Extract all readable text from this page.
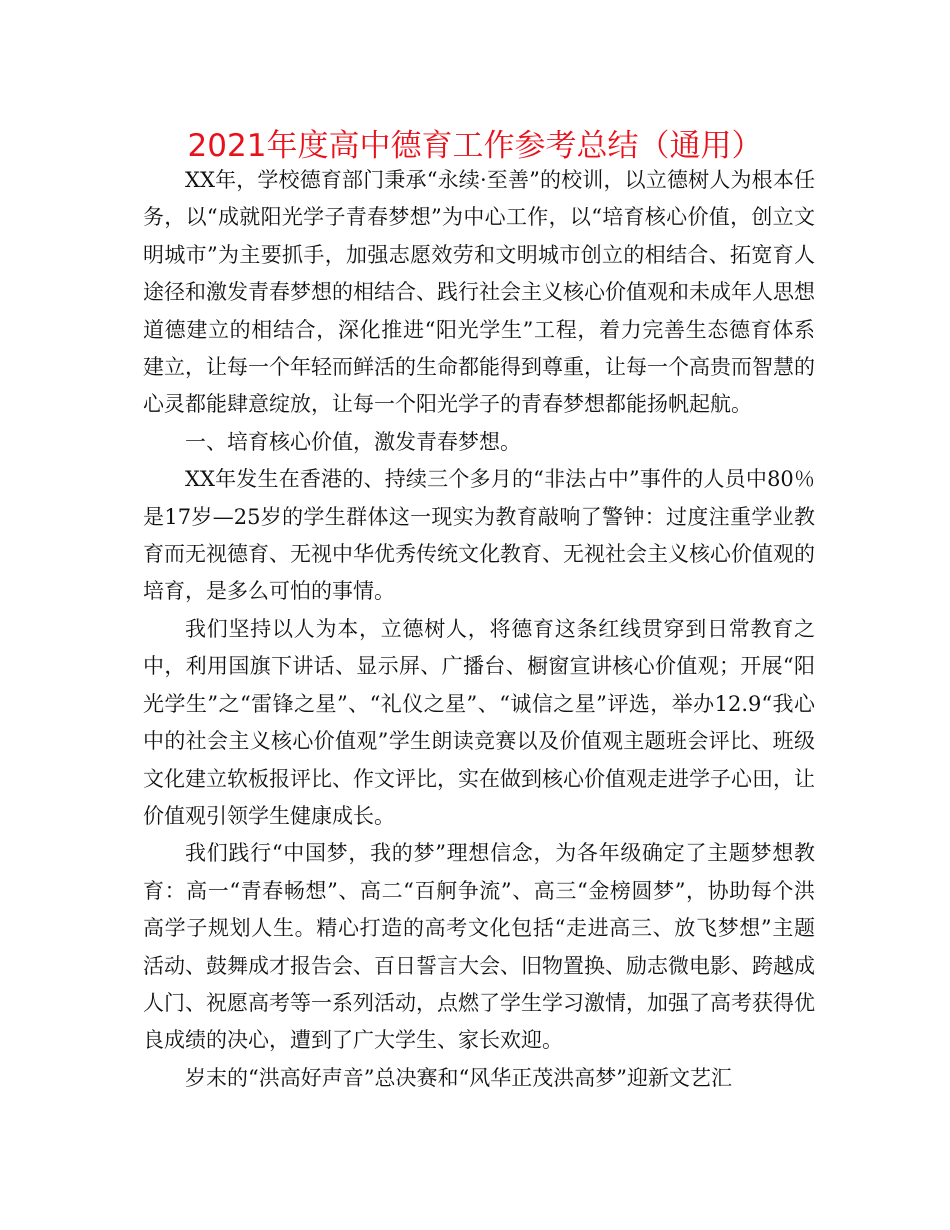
2021年度高中德育工作参考总结（通用）

XX年，学校德育部门秉承“永续·至善”的校训，以立德树人为根本任务，以“成就阳光学子青春梦想”为中心工作，以“培育核心价值，创立文明城市”为主要抓手，加强志愿效劳和文明城市创立的相结合、拓宽育人途径和激发青春梦想的相结合、践行社会主义核心价值观和未成年人思想道德建立的相结合，深化推进“阳光学生”工程，着力完善生态德育体系建立，让每一个年轻而鲜活的生命都能得到尊重，让每一个高贵而智慧的心灵都能肆意绽放，让每一个阳光学子的青春梦想都能扬帆起航。

一、培育核心价值，激发青春梦想。

XX年发生在香港的、持续三个多月的“非法占中”事件的人员中80％是17岁—25岁的学生群体这一现实为教育敲响了警钟：过度注重学业教育而无视德育、无视中华优秀传统文化教育、无视社会主义核心价值观的培育，是多么可怕的事情。

我们坚持以人为本，立德树人，将德育这条红线贯穿到日常教育之中，利用国旗下讲话、显示屏、广播台、橱窗宣讲核心价值观；开展“阳光学生”之“雷锋之星”、“礼仪之星”、“诚信之星”评选，举办12.9“我心中的社会主义核心价值观”学生朗读竞赛以及价值观主题班会评比、班级文化建立软板报评比、作文评比，实在做到核心价值观走进学子心田，让价值观引领学生健康成长。

我们践行“中国梦，我的梦”理想信念，为各年级确定了主题梦想教育：高一“青春畅想”、高二“百舸争流”、高三“金榜圆梦”，协助每个洪高学子规划人生。精心打造的高考文化包括“走进高三、放飞梦想”主题活动、鼓舞成才报告会、百日誓言大会、旧物置换、励志微电影、跨越成人门、祝愿高考等一系列活动，点燃了学生学习激情，加强了高考获得优良成绩的决心，遭到了广大学生、家长欢迎。

岁末的“洪高好声音”总决赛和“风华正茂洪高梦”迎新文艺汇
